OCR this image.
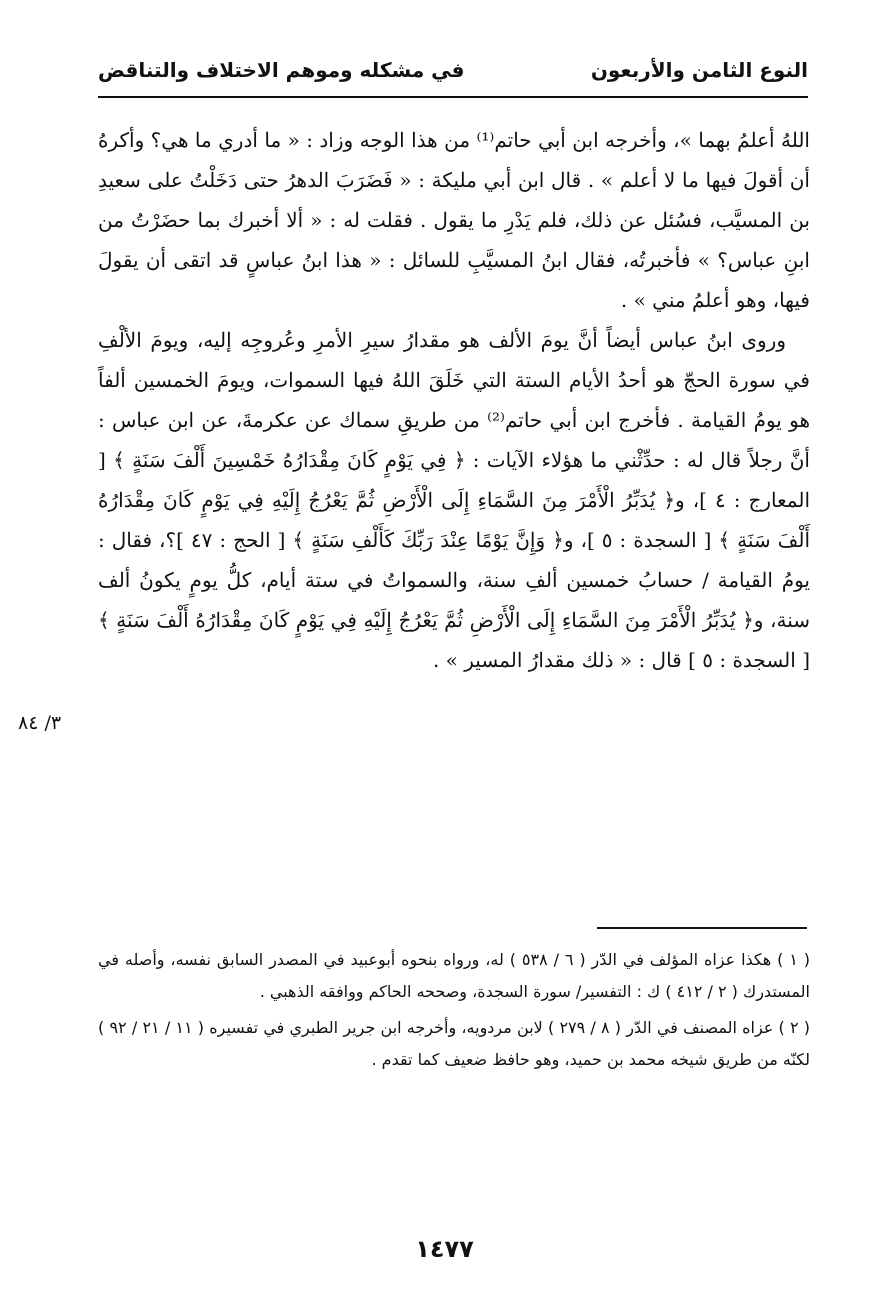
النوع الثامن والأربعون
في مشكله وموهم الاختلاف والتناقض

اللهُ أعلمُ بهما »، وأخرجه ابن أبي حاتم⁽¹⁾ من هذا الوجه وزاد : « ما أدري ما هي؟ وأكرهُ أن أقولَ فيها ما لا أعلم » . قال ابن أبي مليكة : « فَضَرَبَ الدهرُ حتى دَخَلْتُ على سعيدِ بن المسيَّب، فسُئل عن ذلك، فلم يَدْرِ ما يقول . فقلت له : « ألا أخبرك بما حضَرْتُ من ابنِ عباس؟ » فأخبرتُه، فقال ابنُ المسيَّبِ للسائل : « هذا ابنُ عباسٍ قد اتقى أن يقولَ فيها، وهو أعلمُ مني » .

وروى ابنُ عباس أيضاً أنَّ يومَ الألف هو مقدارُ سيرِ الأمرِ وعُروجِه إليه، ويومَ الألْفِ في سورة الحجّ هو أحدُ الأيام الستة التي خَلَقَ اللهُ فيها السموات، ويومَ الخمسين ألفاً هو يومُ القيامة . فأخرج ابن أبي حاتم⁽²⁾ من طريقِ سماك عن عكرمةَ، عن ابن عباس : أنَّ رجلاً قال له : حدِّثْني ما هؤلاء الآيات : ﴿ فِي يَوْمٍ كَانَ مِقْدَارُهُ خَمْسِينَ أَلْفَ سَنَةٍ ﴾ [ المعارج : ٤ ]، و﴿ يُدَبِّرُ الْأَمْرَ مِنَ السَّمَاءِ إِلَى الْأَرْضِ ثُمَّ يَعْرُجُ إِلَيْهِ فِي يَوْمٍ كَانَ مِقْدَارُهُ أَلْفَ سَنَةٍ ﴾ [ السجدة : ٥ ]، و﴿ وَإِنَّ يَوْمًا عِنْدَ رَبِّكَ كَأَلْفِ سَنَةٍ ﴾ [ الحج : ٤٧ ]؟، فقال : يومُ القيامة / حسابُ خمسين ألفِ سنة، والسمواتُ في ستة أيام، كلُّ يومٍ يكونُ ألف سنة، و﴿ يُدَبِّرُ الْأَمْرَ مِنَ السَّمَاءِ إِلَى الْأَرْضِ ثُمَّ يَعْرُجُ إِلَيْهِ فِي يَوْمٍ كَانَ مِقْدَارُهُ أَلْفَ سَنَةٍ ﴾ [ السجدة : ٥ ] قال : « ذلك مقدارُ المسير » .

٣/ ٨٤

( ١ ) هكذا عزاه المؤلف في الدّر ( ٦ / ٥٣٨ ) له، ورواه بنحوه أبوعبيد في المصدر السابق نفسه، وأصله في المستدرك ( ٢ / ٤١٢ ) ك : التفسير/ سورة السجدة، وصححه الحاكم ووافقه الذهبي .

( ٢ ) عزاه المصنف في الدّر ( ٨ / ٢٧٩ ) لابن مردويه، وأخرجه ابن جرير الطبري في تفسيره ( ١١ / ٢١ / ٩٢ ) لكنّه من طريق شيخه محمد بن حميد، وهو حافظ ضعيف كما تقدم .

١٤٧٧
